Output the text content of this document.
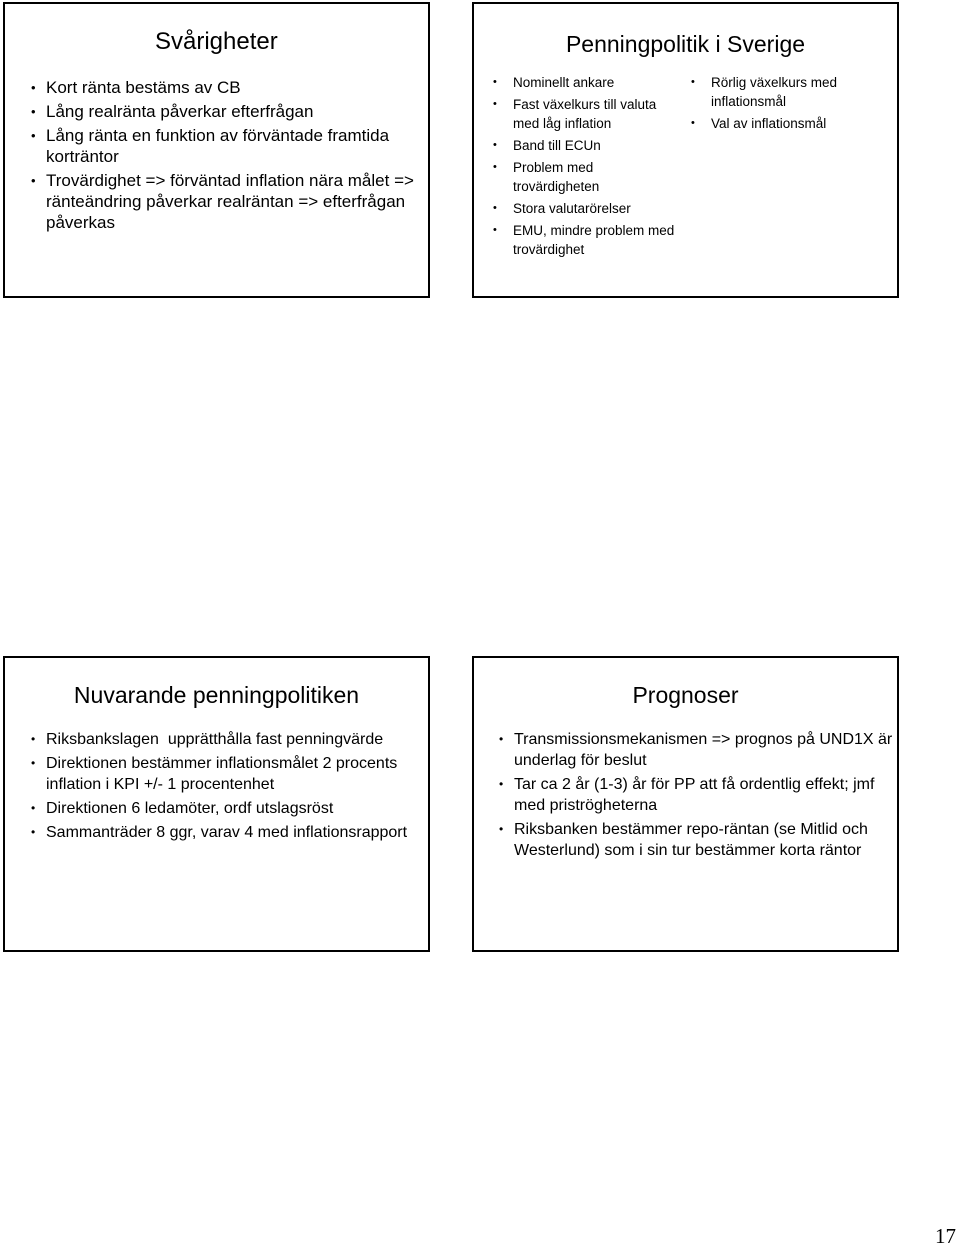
Svårigheter
• Kort ränta bestäms av CB
• Lång realränta påverkar efterfrågan
• Lång ränta en funktion av förväntade framtida korträntor
• Trovärdighet => förväntad inflation nära målet => ränteändring påverkar realräntan => efterfrågan påverkas
Penningpolitik i Sverige
• Nominellt ankare
• Fast växelkurs till valuta med låg inflation
• Band till ECUn
• Problem med trovärdigheten
• Stora valutarörelser
• EMU, mindre problem med trovärdighet
• Rörlig växelkurs med inflationsmål
• Val av inflationsmål
Nuvarande penningpolitiken
• Riksbankslagen  upprätthålla fast penningvärde
• Direktionen bestämmer inflationsmålet 2 procents inflation i KPI +/- 1 procentenhet
• Direktionen 6 ledamöter, ordf utslagsröst
• Sammanträder 8 ggr, varav 4 med inflationsrapport
Prognoser
• Transmissionsmekanismen => prognos på UND1X är underlag för beslut
• Tar ca 2 år (1-3) år för PP att få ordentlig effekt; jmf med priströgheterna
• Riksbanken bestämmer repo-räntan (se Mitlid och Westerlund) som i sin tur bestämmer korta räntor
17
